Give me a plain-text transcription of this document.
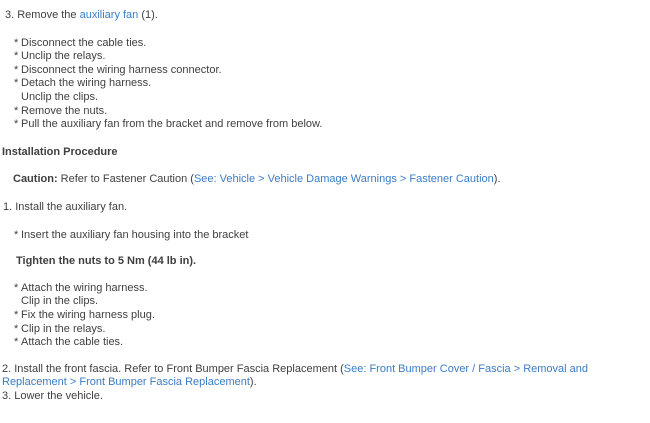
3. Remove the auxiliary fan (1).
* Disconnect the cable ties.
* Unclip the relays.
* Disconnect the wiring harness connector.
* Detach the wiring harness.
Unclip the clips.
* Remove the nuts.
* Pull the auxiliary fan from the bracket and remove from below.
Installation Procedure
Caution: Refer to Fastener Caution (See: Vehicle > Vehicle Damage Warnings > Fastener Caution).
1. Install the auxiliary fan.
* Insert the auxiliary fan housing into the bracket
Tighten the nuts to 5 Nm (44 lb in).
* Attach the wiring harness.
Clip in the clips.
* Fix the wiring harness plug.
* Clip in the relays.
* Attach the cable ties.
2. Install the front fascia. Refer to Front Bumper Fascia Replacement (See: Front Bumper Cover / Fascia > Removal and Replacement > Front Bumper Fascia Replacement).
3. Lower the vehicle.
